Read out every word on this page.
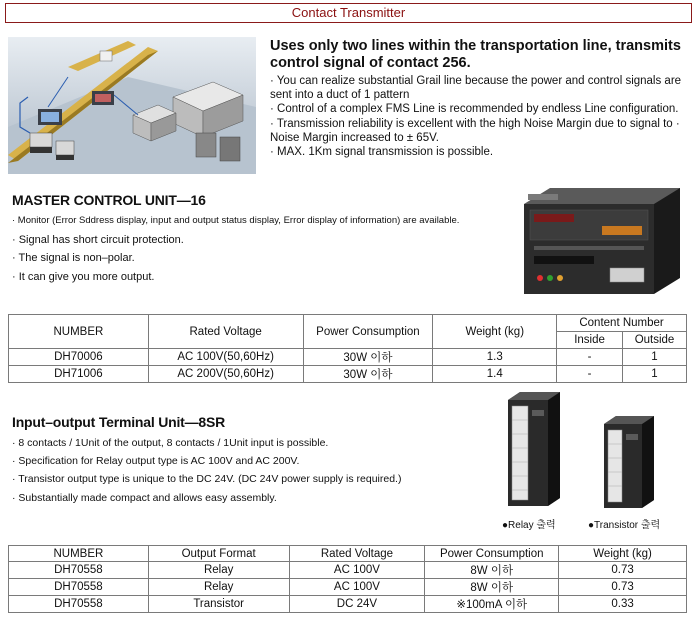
Contact Transmitter
Uses only two lines within the transportation line, transmits control signal of contact 256.
· You can realize substantial Grail line because the power and control signals are sent into a duct of 1 pattern
· Control of a complex FMS Line is recommended by endless Line configuration.
· Transmission reliability is excellent with the high Noise Margin due to signal to · Noise Margin increased to ± 65V.
· MAX. 1Km signal transmission is possible.
MASTER CONTROL UNIT—16
· Monitor (Error Sddress display, input and output status display, Error display of information) are available.
· Signal has short circuit protection.
· The signal is non–polar.
· It can give you more output.
NUMBER	Rated Voltage	Power Consumption	Weight (kg)	Content Number	
				Inside	Outside
DH70006	AC 100V(50,60Hz)	30W 이하	1.3	-	1
DH71006	AC 200V(50,60Hz)	30W 이하	1.4	-	1
Input–output Terminal Unit—8SR
· 8 contacts / 1Unit of the output, 8 contacts / 1Unit input is possible.
· Specification for Relay output type is AC 100V and AC 200V.
· Transistor output type is unique to the DC 24V. (DC 24V power supply is required.)
· Substantially made compact and allows easy assembly.
●Relay 출력	●Transistor 출력
NUMBER	Output Format	Rated Voltage	Power Consumption	Weight (kg)
DH70558	Relay	AC 100V	8W 이하	0.73
DH70558	Relay	AC 100V	8W 이하	0.73
DH70558	Transistor	DC 24V	※100mA 이하	0.33
